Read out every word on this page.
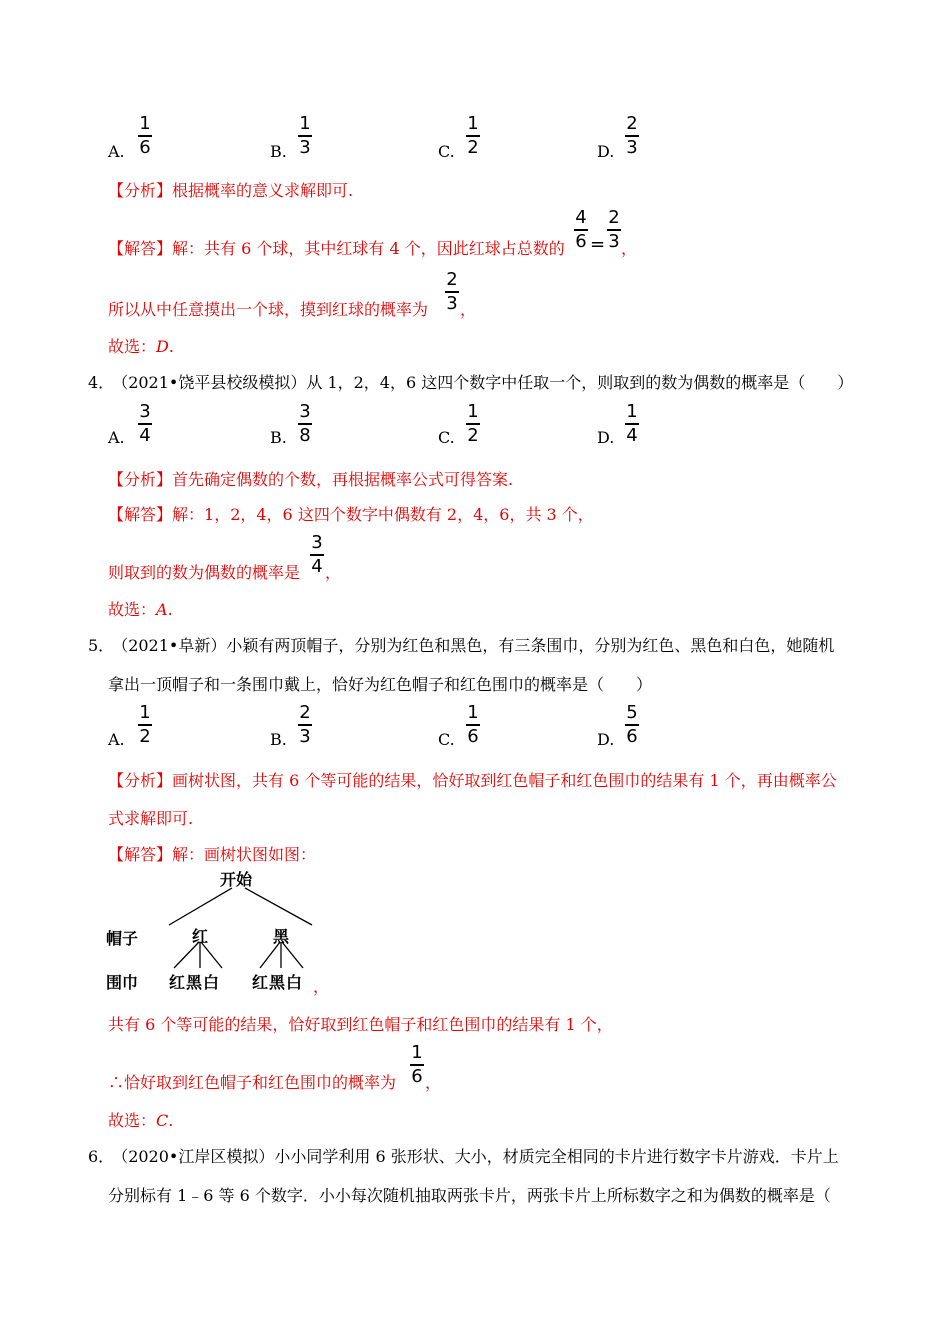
A.
1
6	B.
1
3	C.
1
2	D.
2
3
【分析】根据概率的意义求解即可.
【解答】解：共有 6 个球，其中红球有 4 个，因此红球占总数的
4
6 =
2
3 ，
所以从中任意摸出一个球，摸到红球的概率为
2
3 ，
故选：D.
4． （2021•饶平县校级模拟）从 1，2，4，6 这四个数字中任取一个，则取到的数为偶数的概率是（　　）
A.
3
4	B.
3
8	C.
1
2	D.
1
4
【分析】首先确定偶数的个数，再根据概率公式可得答案.
【解答】解：1，2，4，6 这四个数字中偶数有 2，4，6，共 3 个，
则取到的数为偶数的概率是
3
4 ，
故选：A.
5． （2021•阜新）小颖有两顶帽子，分别为红色和黑色，有三条围巾，分别为红色、黑色和白色，她随机
拿出一顶帽子和一条围巾戴上，恰好为红色帽子和红色围巾的概率是（　　）
A.
1
2	B.
2
3	C.
1
6	D.
5
6
【分析】画树状图，共有 6 个等可能的结果，恰好取到红色帽子和红色围巾的结果有 1 个，再由概率公
式求解即可.
【解答】解：画树状图如图：
开始
帽子
围巾
红	黑
红黑白 红黑白 ，
共有 6 个等可能的结果，恰好取到红色帽子和红色围巾的结果有 1 个，
∴恰好取到红色帽子和红色围巾的概率为
1
6 ，
故选：C.
6． （2020•江岸区模拟）小小同学利用 6 张形状、大小，材质完全相同的卡片进行数字卡片游戏．卡片上
分别标有 1﹣6 等 6 个数字．小小每次随机抽取两张卡片，两张卡片上所标数字之和为偶数的概率是（
